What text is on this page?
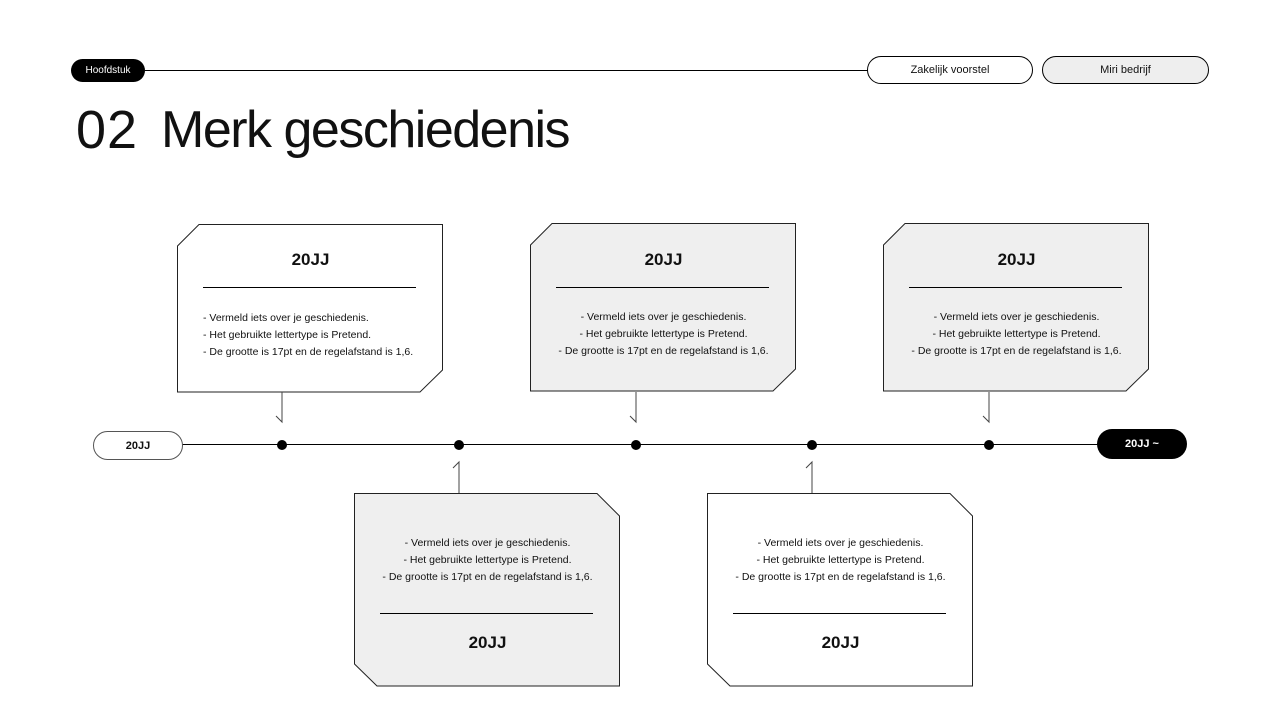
Hoofdstuk	Zakelijk voorstel	Miri bedrijf
02 Merk geschiedenis
20JJ	20JJ ~
20JJ
- Vermeld iets over je geschiedenis.
- Het gebruikte lettertype is Pretend.
- De grootte is 17pt en de regelafstand is 1,6.
20JJ
- Vermeld iets over je geschiedenis.
- Het gebruikte lettertype is Pretend.
- De grootte is 17pt en de regelafstand is 1,6.
20JJ
- Vermeld iets over je geschiedenis.
- Het gebruikte lettertype is Pretend.
- De grootte is 17pt en de regelafstand is 1,6.
- Vermeld iets over je geschiedenis.
- Het gebruikte lettertype is Pretend.
- De grootte is 17pt en de regelafstand is 1,6.
20JJ
- Vermeld iets over je geschiedenis.
- Het gebruikte lettertype is Pretend.
- De grootte is 17pt en de regelafstand is 1,6.
20JJ
